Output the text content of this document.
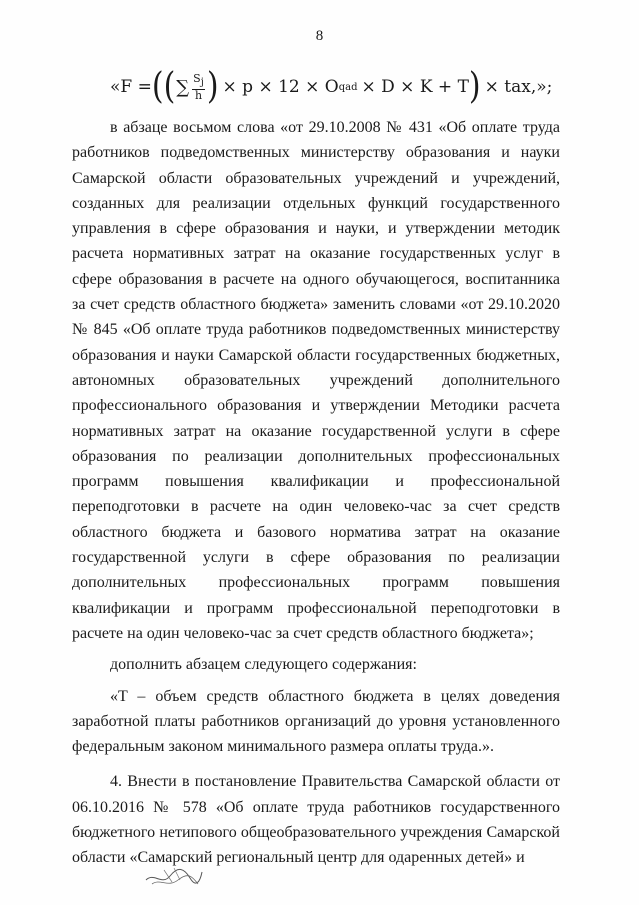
8
«F = ( ( ∑ $\frac{S_j}{h}$ ) × p × 12 × O qad × D × K + T ) × tax,»;

в абзаце восьмом слова «от 29.10.2008 № 431 «Об оплате труда работников подведомственных министерству образования и науки Самарской области образовательных учреждений и учреждений, созданных для реализации отдельных функций государственного управления в сфере образования и науки, и утверждении методик расчета нормативных затрат на оказание государственных услуг в сфере образования в расчете на одного обучающегося, воспитанника за счет средств областного бюджета» заменить словами «от 29.10.2020 № 845 «Об оплате труда работников подведомственных министерству образования и науки Самарской области государственных бюджетных, автономных образовательных учреждений дополнительного профессионального образования и утверждении Методики расчета нормативных затрат на оказание государственной услуги в сфере образования по реализации дополнительных профессиональных программ повышения квалификации и профессиональной переподготовки в расчете на один человеко-час за счет средств областного бюджета и базового норматива затрат на оказание государственной услуги в сфере образования по реализации дополнительных профессиональных программ повышения квалификации и программ профессиональной переподготовки в расчете на один человеко-час за счет средств областного бюджета»;

дополнить абзацем следующего содержания:

«T – объем средств областного бюджета в целях доведения заработной платы работников организаций до уровня установленного федеральным законом минимального размера оплаты труда.».

4. Внести в постановление Правительства Самарской области от 06.10.2016 № 578 «Об оплате труда работников государственного бюджетного нетипового общеобразовательного учреждения Самарской области «Самарский региональный центр для одаренных детей» и
